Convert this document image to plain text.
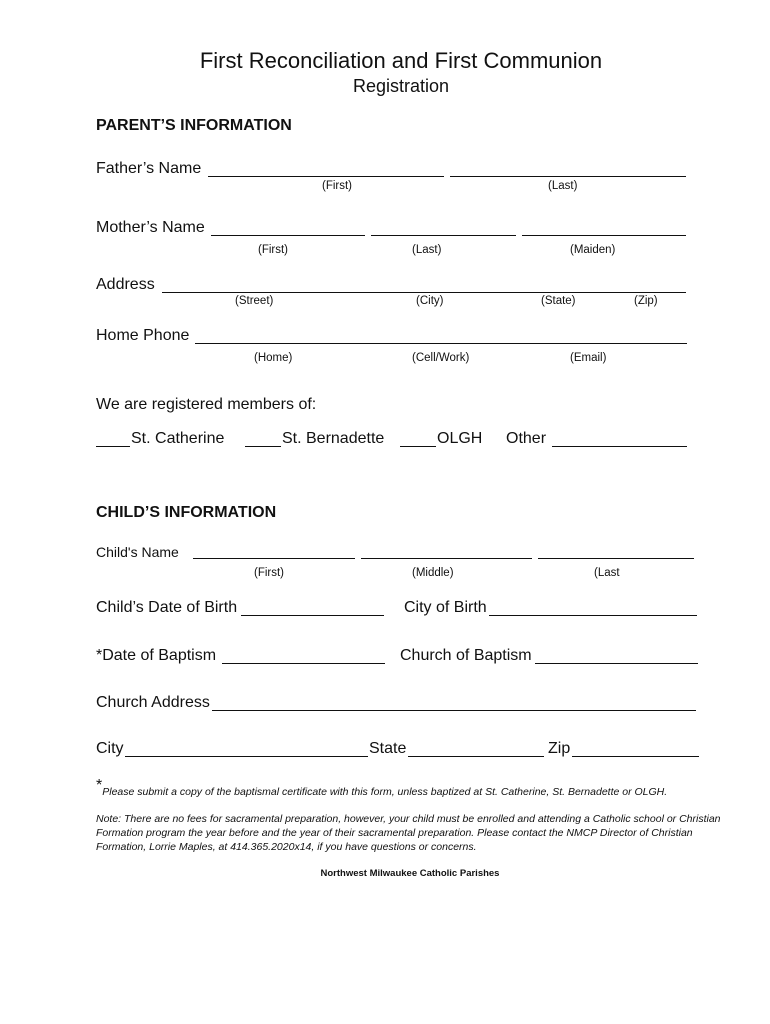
First Reconciliation and First Communion
Registration
PARENT’S INFORMATION
Father’s Name
(First)	(Last)
Mother’s Name
(First)	(Last)	(Maiden)
Address
(Street)	(City)	(State)	(Zip)
Home Phone
(Home)	(Cell/Work)	(Email)
We are registered members of:
St. Catherine	St. Bernadette	OLGH Other
CHILD’S INFORMATION
Child's Name
(First)	(Middle)	(Last
Child’s Date of Birth	City of Birth
*Date of Baptism	Church of Baptism
Church Address
City	State	Zip
$*_{Please submit a copy of the baptismal certificate with this form, unless baptized at St. Catherine, St. Bernadette or OLGH.}$
Note: There are no fees for sacramental preparation, however, your child must be enrolled and attending a Catholic school or Christian Formation program the year before and the year of their sacramental preparation. Please contact the NMCP Director of Christian Formation, Lorrie Maples, at 414.365.2020x14, if you have questions or concerns.
Northwest Milwaukee Catholic Parishes
